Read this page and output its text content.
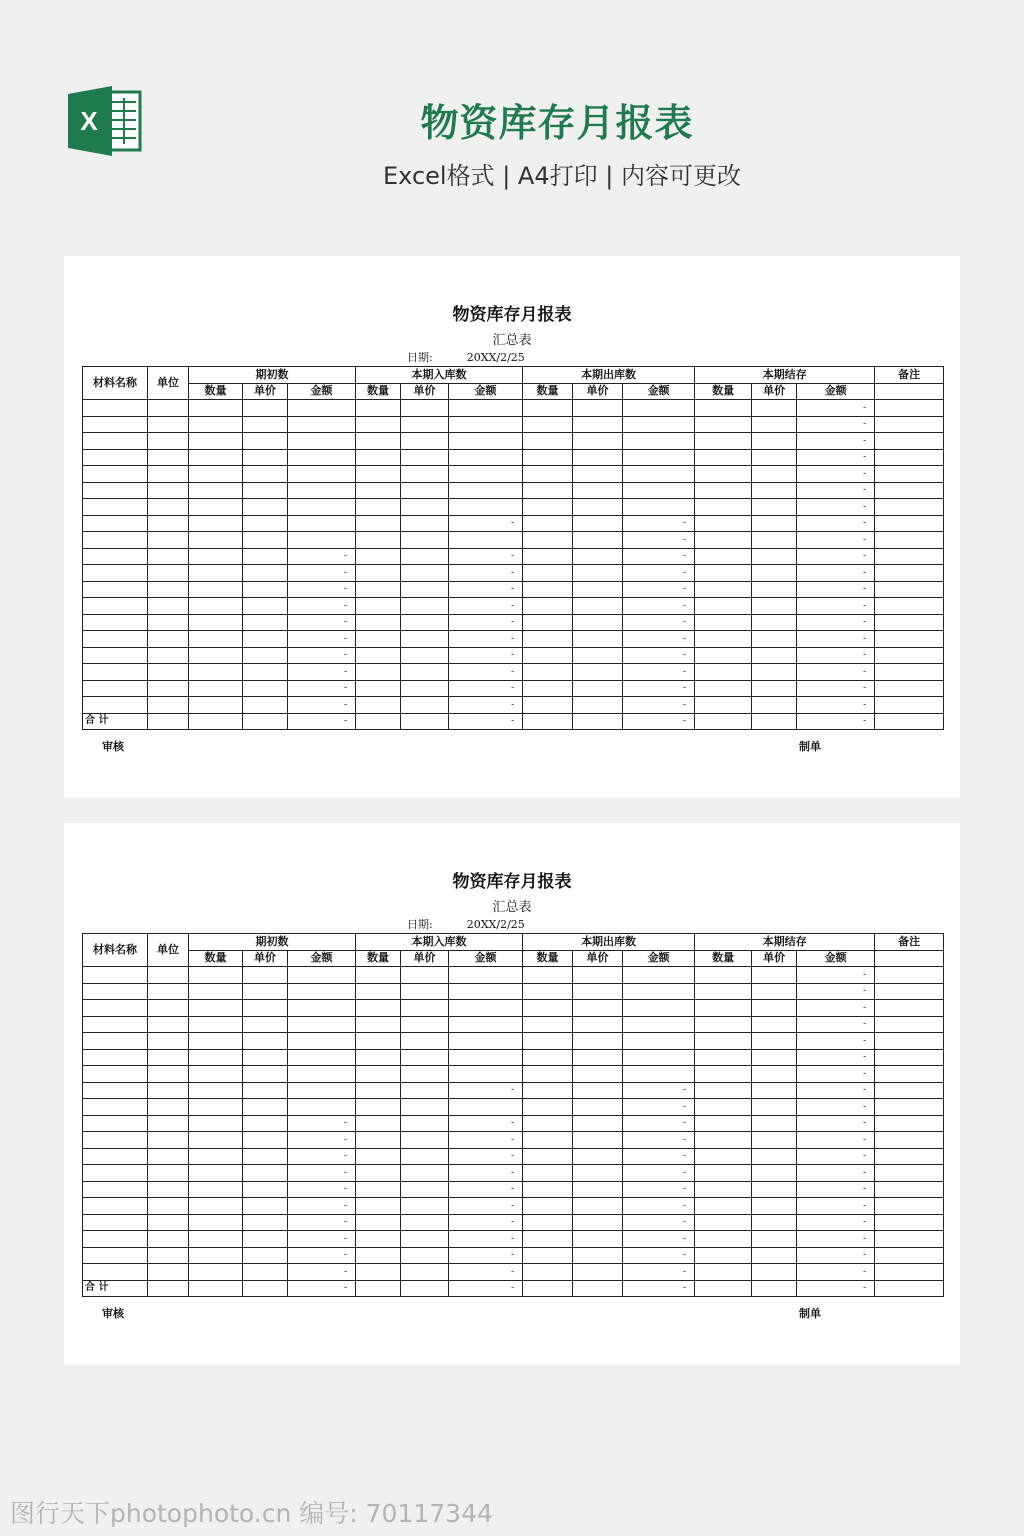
X	物资库存月报表
Excel格式 | A4打印 | 内容可更改
物资库存月报表
汇总表
日期:	20XX/2/25
材料名称	单位	期初数			本期入库数			本期出库数			本期结存			备注
		数量	单价	金额	数量	单价	金额	数量	单价	金额	数量	单价	金额	
													-	
													-	
													-	
													-	
													-	
													-	
													-	
							-			-			-	
										-			-	
				-			-			-			-	
				-			-			-			-	
				-			-			-			-	
				-			-			-			-	
				-			-			-			-	
				-			-			-			-	
				-			-			-			-	
				-			-			-			-	
				-			-			-			-	
				-			-			-			-	
合 计				-			-			-			-	
审核	制单
物资库存月报表
汇总表
日期:	20XX/2/25
材料名称	单位	期初数			本期入库数			本期出库数			本期结存			备注
		数量	单价	金额	数量	单价	金额	数量	单价	金额	数量	单价	金额	
													-	
													-	
													-	
													-	
													-	
													-	
													-	
							-			-			-	
										-			-	
				-			-			-			-	
				-			-			-			-	
				-			-			-			-	
				-			-			-			-	
				-			-			-			-	
				-			-			-			-	
				-			-			-			-	
				-			-			-			-	
				-			-			-			-	
				-			-			-			-	
合 计				-			-			-			-	
审核	制单
图行天下photophoto.cn 编号: 70117344
